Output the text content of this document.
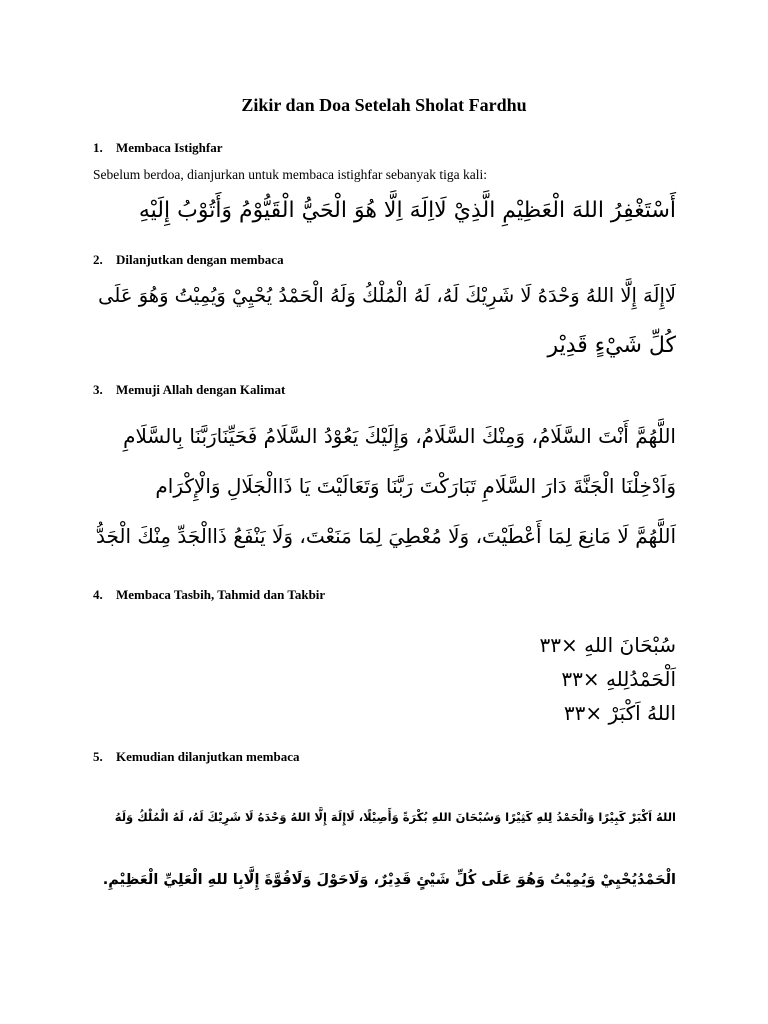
Zikir dan Doa Setelah Sholat Fardhu
1. Membaca Istighfar
Sebelum berdoa, dianjurkan untuk membaca istighfar sebanyak tiga kali:
أَسْتَغْفِرُ اللهَ الْعَظِيْمِ الَّذِيْ لَااِلَهَ اِلَّا هُوَ الْحَيُّ الْقَيُّوْمُ وَأَتُوْبُ إِلَيْهِ
2. Dilanjutkan dengan membaca
لَاإِلَهَ إِلَّا اللهُ وَحْدَهُ لَا شَرِيْكَ لَهُ، لَهُ الْمُلْكُ وَلَهُ الْحَمْدُ يُحْيِيْ وَيُمِيْتُ وَهُوَ عَلَى
كُلِّ شَيْءٍ قَدِيْر
3. Memuji Allah dengan Kalimat
اللَّهُمَّ أَنْتَ السَّلَامُ، وَمِنْكَ السَّلَامُ، وَإِلَيْكَ يَعُوْدُ السَّلَامُ فَحَيِّنَارَبَّنَا بِالسَّلَامِ
وَاَدْخِلْنَا الْجَنَّةَ دَارَ السَّلَامِ تَبَارَكْتَ رَبَّنَا وَتَعَالَيْتَ يَا ذَاالْجَلَالِ وَالْإِكْرَام
اَللَّهُمَّ لَا مَانِعَ لِمَا أَعْطَيْتَ، وَلَا مُعْطِيَ لِمَا مَنَعْتَ، وَلَا يَنْفَعُ ذَاالْجَدِّ مِنْكَ الْجَدُّ
4. Membaca Tasbih, Tahmid dan Takbir
سُبْحَانَ اللهِ ×٣٣
اَلْحَمْدُلِلهِ ×٣٣
اللهُ اَكْبَرْ ×٣٣
5. Kemudian dilanjutkan membaca
اللهُ اَكْبَرْ كَبِيْرًا وَالْحَمْدُ لِلهِ كَثِيْرًا وَسُبْحَانَ اللهِ بُكْرَةً وَأَصِيْلًا، لَاإِلَهَ إِلَّا اللهُ وَحْدَهُ لَا شَرِيْكَ لَهُ، لَهُ الْمُلْكُ وَلَهُ
الْحَمْدُيُحْيِيْ وَيُمِيْتُ وَهُوَ عَلَى كُلِّ شَيْئٍ قَدِيْرٌ، وَلَاحَوْلَ وَلَاقُوَّةَ إِلَّابِا للهِ الْعَلِيِّ الْعَظِيْمِ.
